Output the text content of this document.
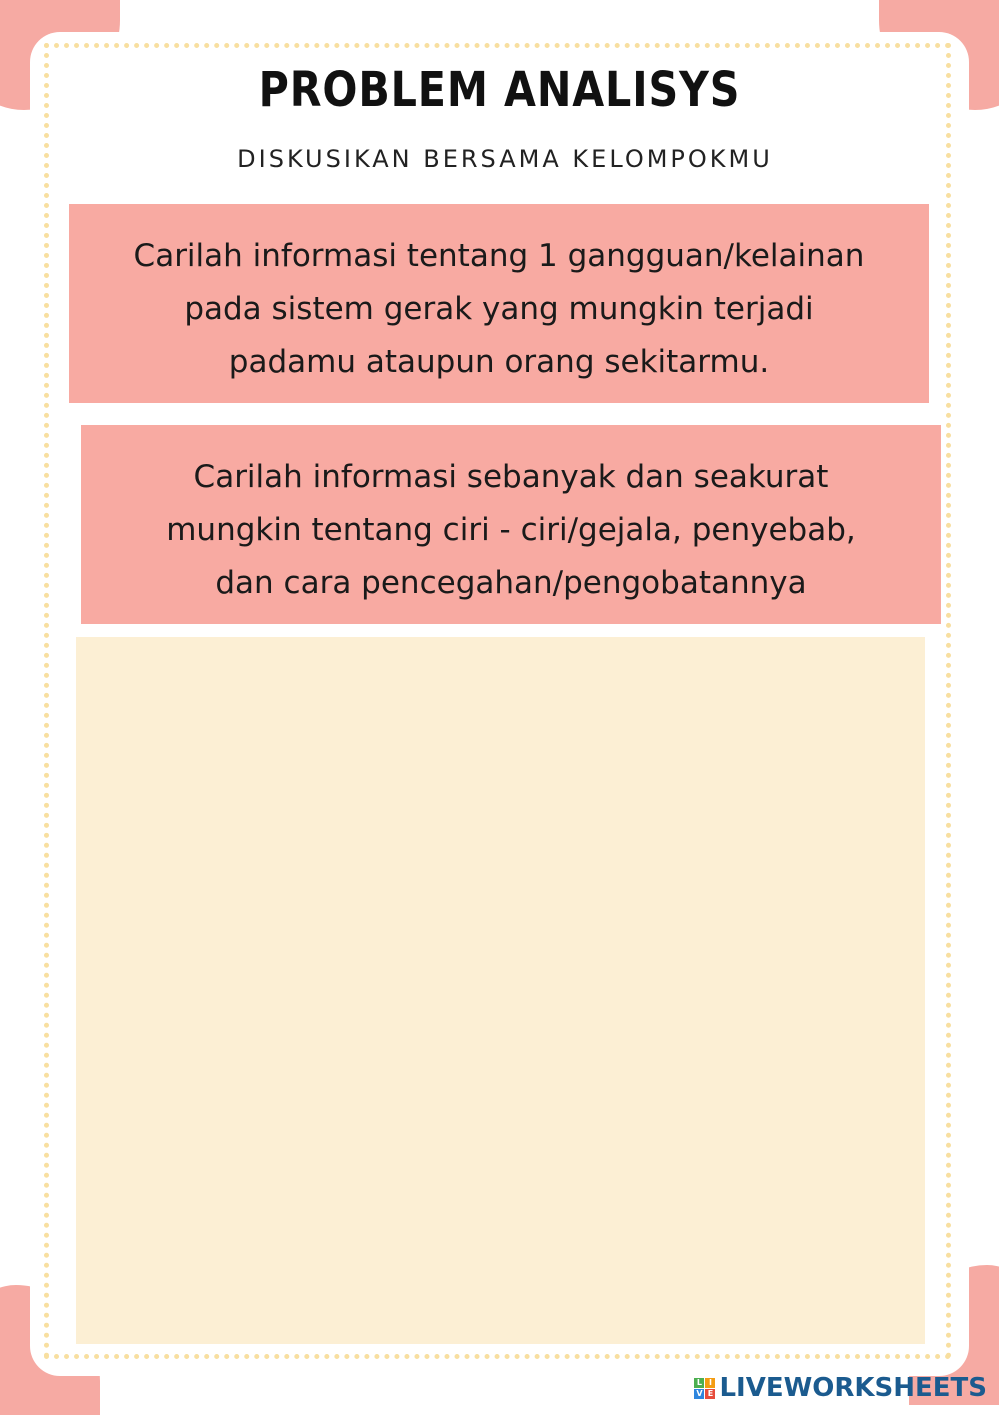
PROBLEM ANALISYS
DISKUSIKAN BERSAMA KELOMPOKMU
Carilah informasi tentang 1 gangguan/kelainan
pada sistem gerak yang mungkin terjadi
padamu ataupun orang sekitarmu.
Carilah informasi sebanyak dan seakurat
mungkin tentang ciri - ciri/gejala, penyebab,
dan cara pencegahan/pengobatannya
L I
V E LIVEWORKSHEETS
